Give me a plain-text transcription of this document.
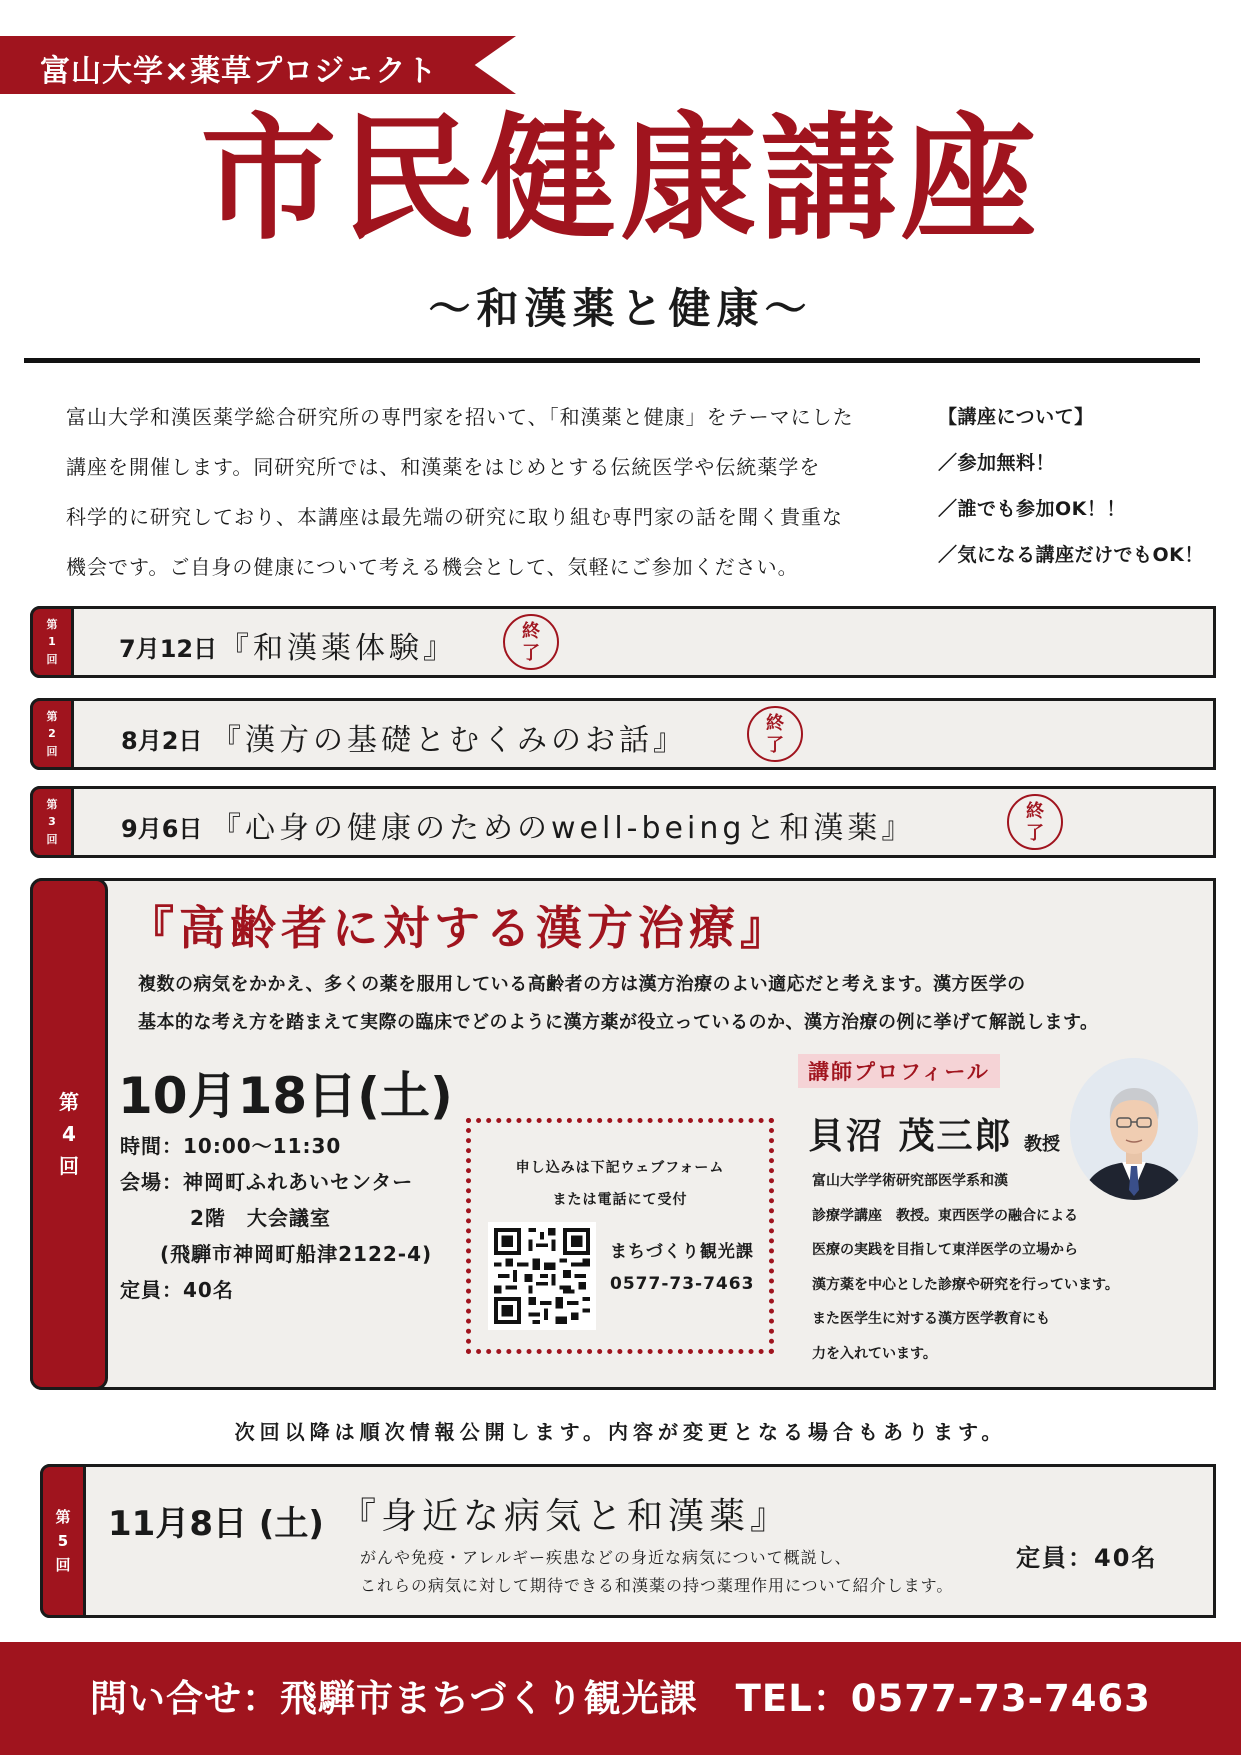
富山大学×薬草プロジェクト
市民健康講座
～和漢薬と健康～
富山大学和漢医薬学総合研究所の専門家を招いて、「和漢薬と健康」をテーマにした
講座を開催します。同研究所では、和漢薬をはじめとする伝統医学や伝統薬学を
科学的に研究しており、本講座は最先端の研究に取り組む専門家の話を聞く貴重な
機会です。ご自身の健康について考える機会として、気軽にご参加ください。
【講座について】
／参加無料！
／誰でも参加OK！！
／気になる講座だけでもOK！
第
1
回	7月12日 『和漢薬体験』	終
了
第
2
回	8月2日 『漢方の基礎とむくみのお話』	終
了
第
3
回	9月6日 『心身の健康のためのwell-beingと和漢薬』	終
了
第
4
回
『高齢者に対する漢方治療』
複数の病気をかかえ、多くの薬を服用している高齢者の方は漢方治療のよい適応だと考えます。漢方医学の
基本的な考え方を踏まえて実際の臨床でどのように漢方薬が役立っているのか、漢方治療の例に挙げて解説します。
10月18日(土)
時間：10:00～11:30
会場：神岡町ふれあいセンター
2階　大会議室
(飛騨市神岡町船津2122-4)
定員：40名
申し込みは下記ウェブフォーム
または電話にて受付
まちづくり観光課
0577-73-7463
講師プロフィール
貝沼 茂三郎 教授
富山大学学術研究部医学系和漢
診療学講座　教授。東西医学の融合による
医療の実践を目指して東洋医学の立場から
漢方薬を中心とした診療や研究を行っています。
また医学生に対する漢方医学教育にも
力を入れています。
次回以降は順次情報公開します。内容が変更となる場合もあります。
第
5
回
11月8日 (土) 『身近な病気と和漢薬』
がんや免疫・アレルギー疾患などの身近な病気について概説し、
これらの病気に対して期待できる和漢薬の持つ薬理作用について紹介します。
定員：40名
問い合せ：飛騨市まちづくり観光課　TEL：0577-73-7463
